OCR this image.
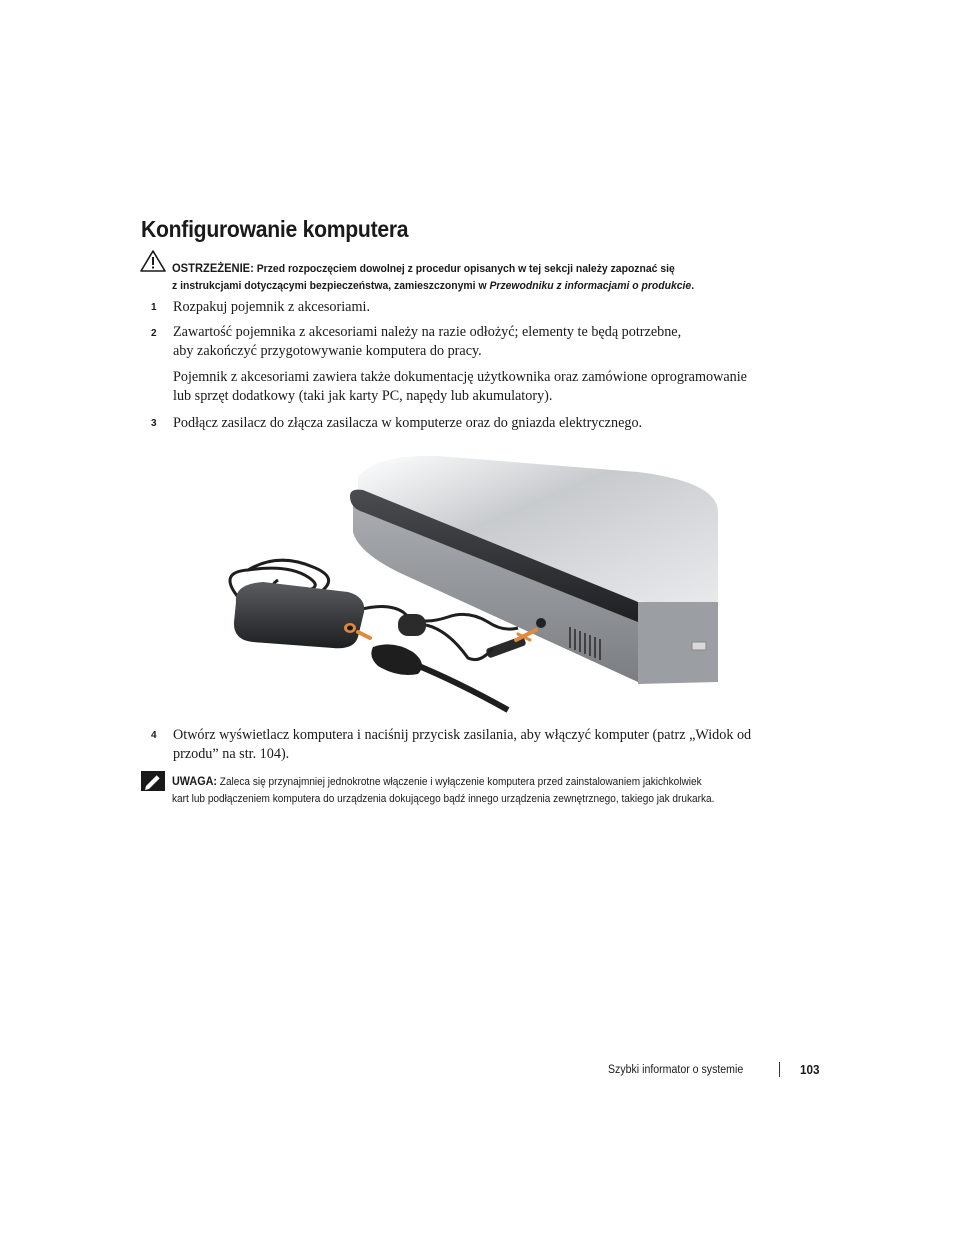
Konfigurowanie komputera
OSTRZEŻENIE: Przed rozpoczęciem dowolnej z procedur opisanych w tej sekcji należy zapoznać się
z instrukcjami dotyczącymi bezpieczeństwa, zamieszczonymi w Przewodniku z informacjami o produkcie.
1 Rozpakuj pojemnik z akcesoriami.
2 Zawartość pojemnika z akcesoriami należy na razie odłożyć; elementy te będą potrzebne,
aby zakończyć przygotowywanie komputera do pracy.
Pojemnik z akcesoriami zawiera także dokumentację użytkownika oraz zamówione oprogramowanie
lub sprzęt dodatkowy (taki jak karty PC, napędy lub akumulatory).
3 Podłącz zasilacz do złącza zasilacza w komputerze oraz do gniazda elektrycznego.
4 Otwórz wyświetlacz komputera i naciśnij przycisk zasilania, aby włączyć komputer (patrz „Widok od
przodu” na str. 104).
UWAGA: Zaleca się przynajmniej jednokrotne włączenie i wyłączenie komputera przed zainstalowaniem jakichkolwiek
kart lub podłączeniem komputera do urządzenia dokującego bądź innego urządzenia zewnętrznego, takiego jak drukarka.
Szybki informator o systemie	103
